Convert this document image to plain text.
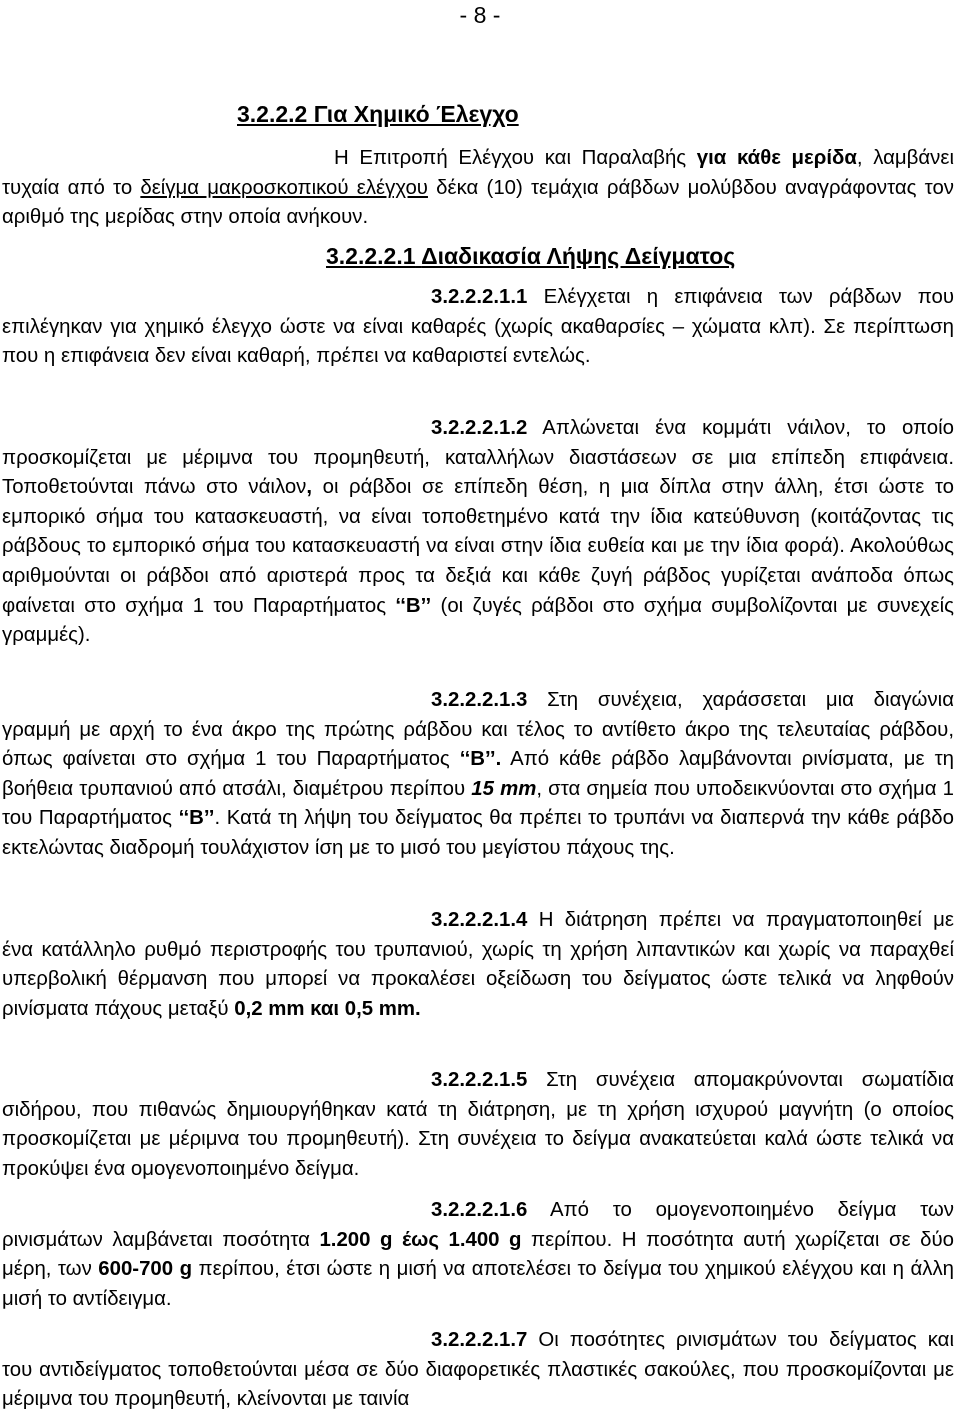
- 8 -
3.2.2.2 Για Χημικό Έλεγχο

Η Επιτροπή Ελέγχου και Παραλαβής για κάθε μερίδα, λαμβάνει τυχαία από το δείγμα μακροσκοπικού ελέγχου δέκα (10) τεμάχια ράβδων μολύβδου αναγράφοντας τον αριθμό της μερίδας στην οποία ανήκουν.

3.2.2.2.1 Διαδικασία Λήψης Δείγματος

3.2.2.2.1.1 Ελέγχεται η επιφάνεια των ράβδων που επιλέγηκαν για χημικό έλεγχο ώστε να είναι καθαρές (χωρίς ακαθαρσίες – χώματα κλπ). Σε περίπτωση που η επιφάνεια δεν είναι καθαρή, πρέπει να καθαριστεί εντελώς.

3.2.2.2.1.2 Απλώνεται ένα κομμάτι νάιλον, το οποίο προσκομίζεται με μέριμνα του προμηθευτή, καταλλήλων διαστάσεων σε μια επίπεδη επιφάνεια. Τοποθετούνται πάνω στο νάιλον, οι ράβδοι σε επίπεδη θέση, η μια δίπλα στην άλλη, έτσι ώστε το εμπορικό σήμα του κατασκευαστή, να είναι τοποθετημένο κατά την ίδια κατεύθυνση (κοιτάζοντας τις ράβδους το εμπορικό σήμα του κατασκευαστή να είναι στην ίδια ευθεία και με την ίδια φορά). Ακολούθως αριθμούνται οι ράβδοι από αριστερά προς τα δεξιά και κάθε ζυγή ράβδος γυρίζεται ανάποδα όπως φαίνεται στο σχήμα 1 του Παραρτήματος ‘‘Β’’ (οι ζυγές ράβδοι στο σχήμα συμβολίζονται με συνεχείς γραμμές).

3.2.2.2.1.3 Στη συνέχεια, χαράσσεται μια διαγώνια γραμμή με αρχή το ένα άκρο της πρώτης ράβδου και τέλος το αντίθετο άκρο της τελευταίας ράβδου, όπως φαίνεται στο σχήμα 1 του Παραρτήματος ‘‘Β’’. Από κάθε ράβδο λαμβάνονται ρινίσματα, με τη βοήθεια τρυπανιού από ατσάλι, διαμέτρου περίπου 15 mm, στα σημεία που υποδεικνύονται στο σχήμα 1 του Παραρτήματος ‘‘Β’’. Κατά τη λήψη του δείγματος θα πρέπει το τρυπάνι να διαπερνά την κάθε ράβδο εκτελώντας διαδρομή τουλάχιστον ίση με το μισό του μεγίστου πάχους της.

3.2.2.2.1.4 Η διάτρηση πρέπει να πραγματοποιηθεί με ένα κατάλληλο ρυθμό περιστροφής του τρυπανιού, χωρίς τη χρήση λιπαντικών και χωρίς να παραχθεί υπερβολική θέρμανση που μπορεί να προκαλέσει οξείδωση του δείγματος ώστε τελικά να ληφθούν ρινίσματα πάχους μεταξύ 0,2 mm και 0,5 mm.

3.2.2.2.1.5 Στη συνέχεια απομακρύνονται σωματίδια σιδήρου, που πιθανώς δημιουργήθηκαν κατά τη διάτρηση, με τη χρήση ισχυρού μαγνήτη (ο οποίος προσκομίζεται με μέριμνα του προμηθευτή). Στη συνέχεια το δείγμα ανακατεύεται καλά ώστε τελικά να προκύψει ένα ομογενοποιημένο δείγμα.

3.2.2.2.1.6 Από το ομογενοποιημένο δείγμα των ρινισμάτων λαμβάνεται ποσότητα 1.200 g έως 1.400 g περίπου. Η ποσότητα αυτή χωρίζεται σε δύο μέρη, των 600-700 g περίπου, έτσι ώστε η μισή να αποτελέσει το δείγμα του χημικού ελέγχου και η άλλη μισή το αντίδειγμα.

3.2.2.2.1.7 Οι ποσότητες ρινισμάτων του δείγματος και του αντιδείγματος τοποθετούνται μέσα σε δύο διαφορετικές πλαστικές σακούλες, που προσκομίζονται με μέριμνα του προμηθευτή, κλείνονται με ταινία
